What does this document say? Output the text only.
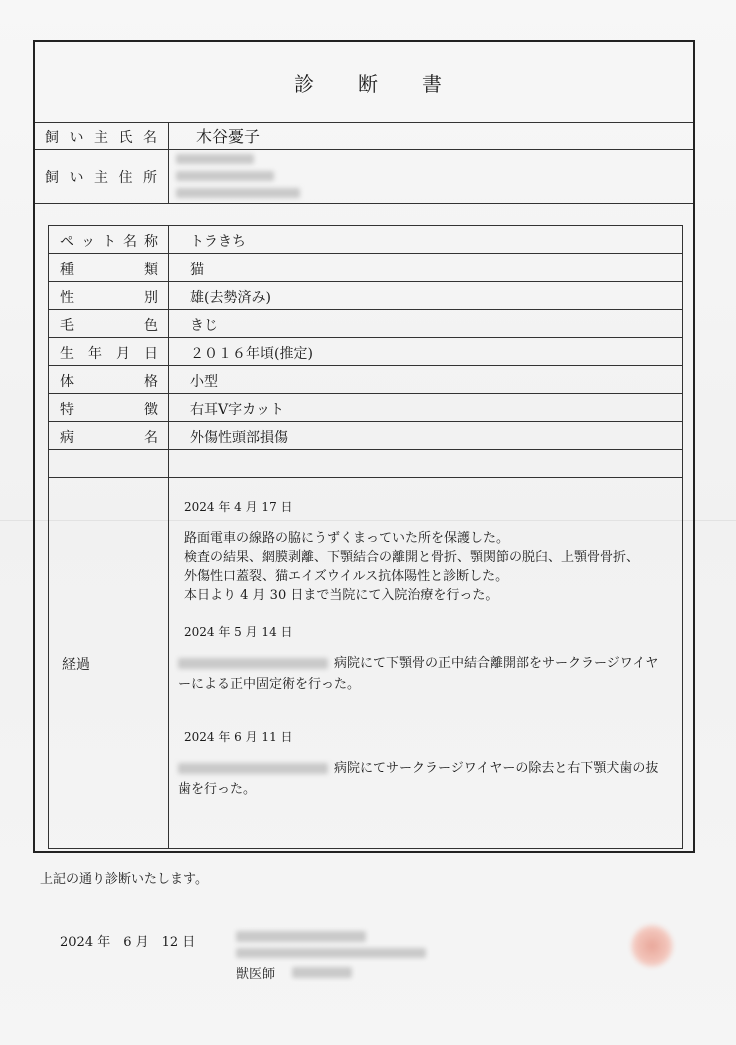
診 断 書
飼 い 主 氏 名 木谷憂子
飼 い 主 住 所
ペ ッ ト 名 称 トラきち
種	類 猫
性	別 雄(去勢済み)
毛	色 きじ
生 年 月 日 ２０１６年頃(推定)
体	格 小型
特	徴 右耳V字カット
病	名 外傷性頭部損傷
経過
2024 年 4 月 17 日
路面電車の線路の脇にうずくまっていた所を保護した。
検査の結果、網膜剥離、下顎結合の離開と骨折、顎関節の脱臼、上顎骨骨折、
外傷性口蓋裂、猫エイズウイルス抗体陽性と診断した。
本日より 4 月 30 日まで当院にて入院治療を行った。
2024 年 5 月 14 日
病院にて下顎骨の正中結合離開部をサークラージワイヤ
ーによる正中固定術を行った。
2024 年 6 月 11 日
病院にてサークラージワイヤーの除去と右下顎犬歯の抜
歯を行った。
上記の通り診断いたします。
2024 年　6 月　12 日
獣医師
